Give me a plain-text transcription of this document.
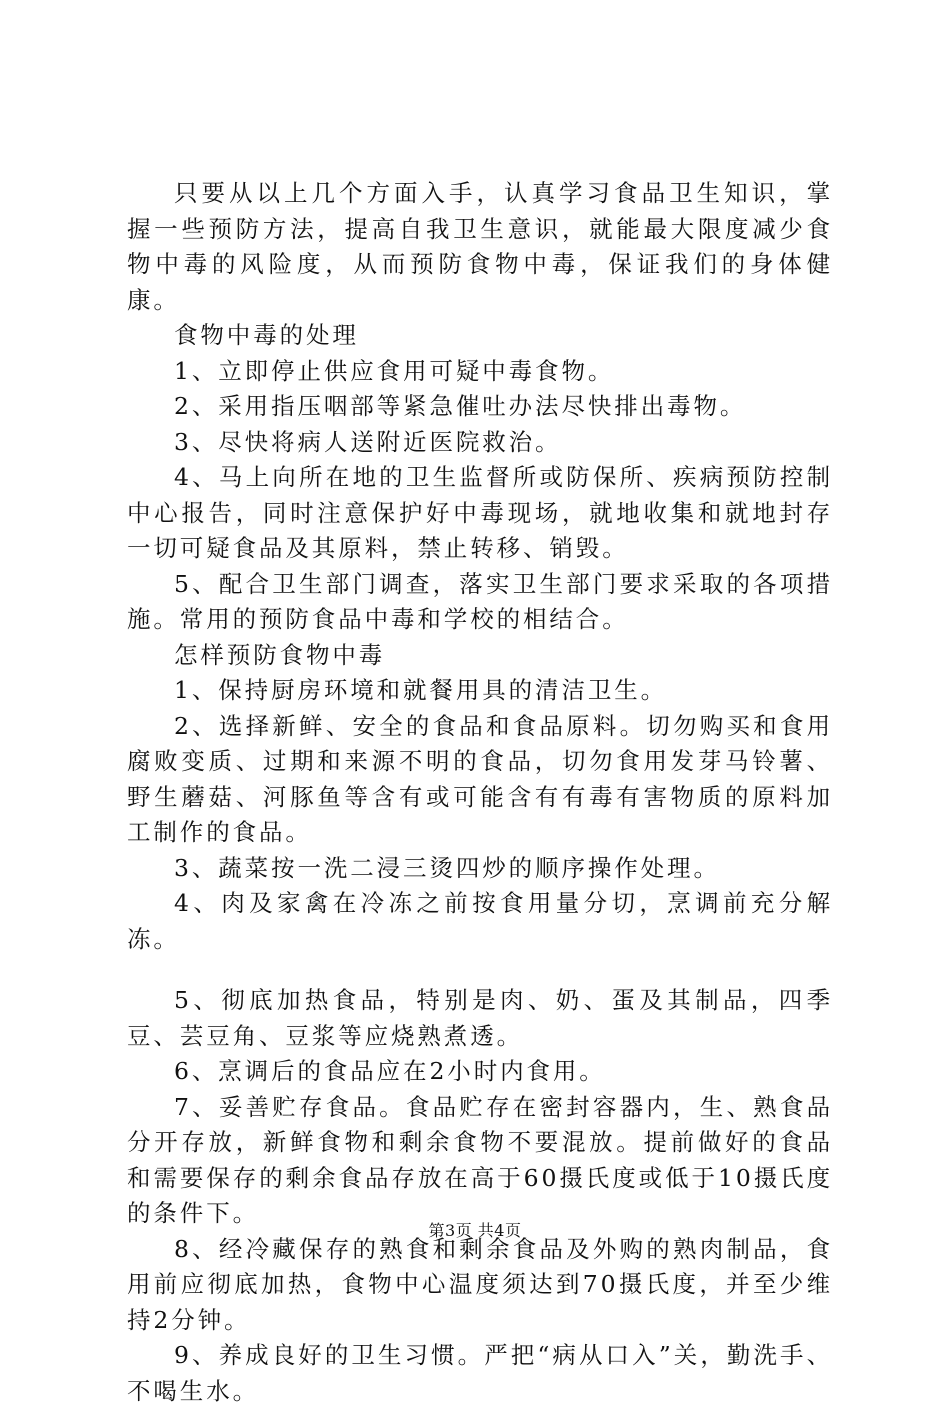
只要从以上几个方面入手，认真学习食品卫生知识，掌握一些预防方法，提高自我卫生意识，就能最大限度减少食物中毒的风险度，从而预防食物中毒，保证我们的身体健康。

食物中毒的处理

1、立即停止供应食用可疑中毒食物。

2、采用指压咽部等紧急催吐办法尽快排出毒物。

3、尽快将病人送附近医院救治。

4、马上向所在地的卫生监督所或防保所、疾病预防控制中心报告，同时注意保护好中毒现场，就地收集和就地封存一切可疑食品及其原料，禁止转移、销毁。

5、配合卫生部门调查，落实卫生部门要求采取的各项措施。常用的预防食品中毒和学校的相结合。

怎样预防食物中毒

1、保持厨房环境和就餐用具的清洁卫生。

2、选择新鲜、安全的食品和食品原料。切勿购买和食用腐败变质、过期和来源不明的食品，切勿食用发芽马铃薯、野生蘑菇、河豚鱼等含有或可能含有有毒有害物质的原料加工制作的食品。

3、蔬菜按一洗二浸三烫四炒的顺序操作处理。

4、肉及家禽在冷冻之前按食用量分切，烹调前充分解冻。

5、彻底加热食品，特别是肉、奶、蛋及其制品，四季豆、芸豆角、豆浆等应烧熟煮透。

6、烹调后的食品应在2小时内食用。

7、妥善贮存食品。食品贮存在密封容器内，生、熟食品分开存放，新鲜食物和剩余食物不要混放。提前做好的食品和需要保存的剩余食品存放在高于60摄氏度或低于10摄氏度的条件下。

8、经冷藏保存的熟食和剩余食品及外购的熟肉制品，食用前应彻底加热，食物中心温度须达到70摄氏度，并至少维持2分钟。

9、养成良好的卫生习惯。严把“病从口入”关，勤洗手、不喝生水。

第3页 共4页
